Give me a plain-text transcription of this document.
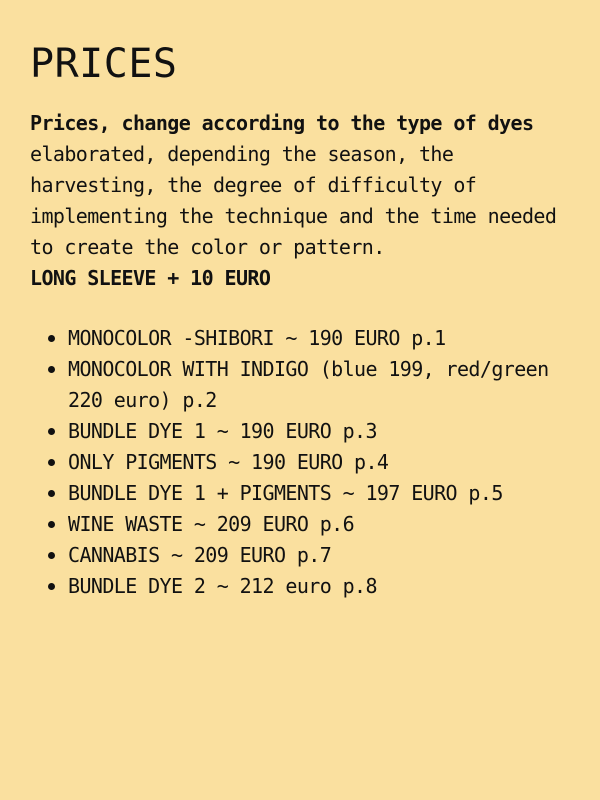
PRICES

Prices, change according to the type of dyes elaborated, depending the season, the harvesting, the degree of difficulty of implementing the technique and the time needed to create the color or pattern.
LONG SLEEVE + 10 EURO

MONOCOLOR -SHIBORI ~ 190 EURO p.1
MONOCOLOR WITH INDIGO (blue 199, red/green 220 euro) p.2
BUNDLE DYE 1 ~ 190 EURO p.3
ONLY PIGMENTS ~ 190 EURO p.4
BUNDLE DYE 1 + PIGMENTS ~ 197 EURO p.5
WINE WASTE ~ 209 EURO p.6
CANNABIS ~ 209 EURO p.7
BUNDLE DYE 2 ~ 212 euro p.8
